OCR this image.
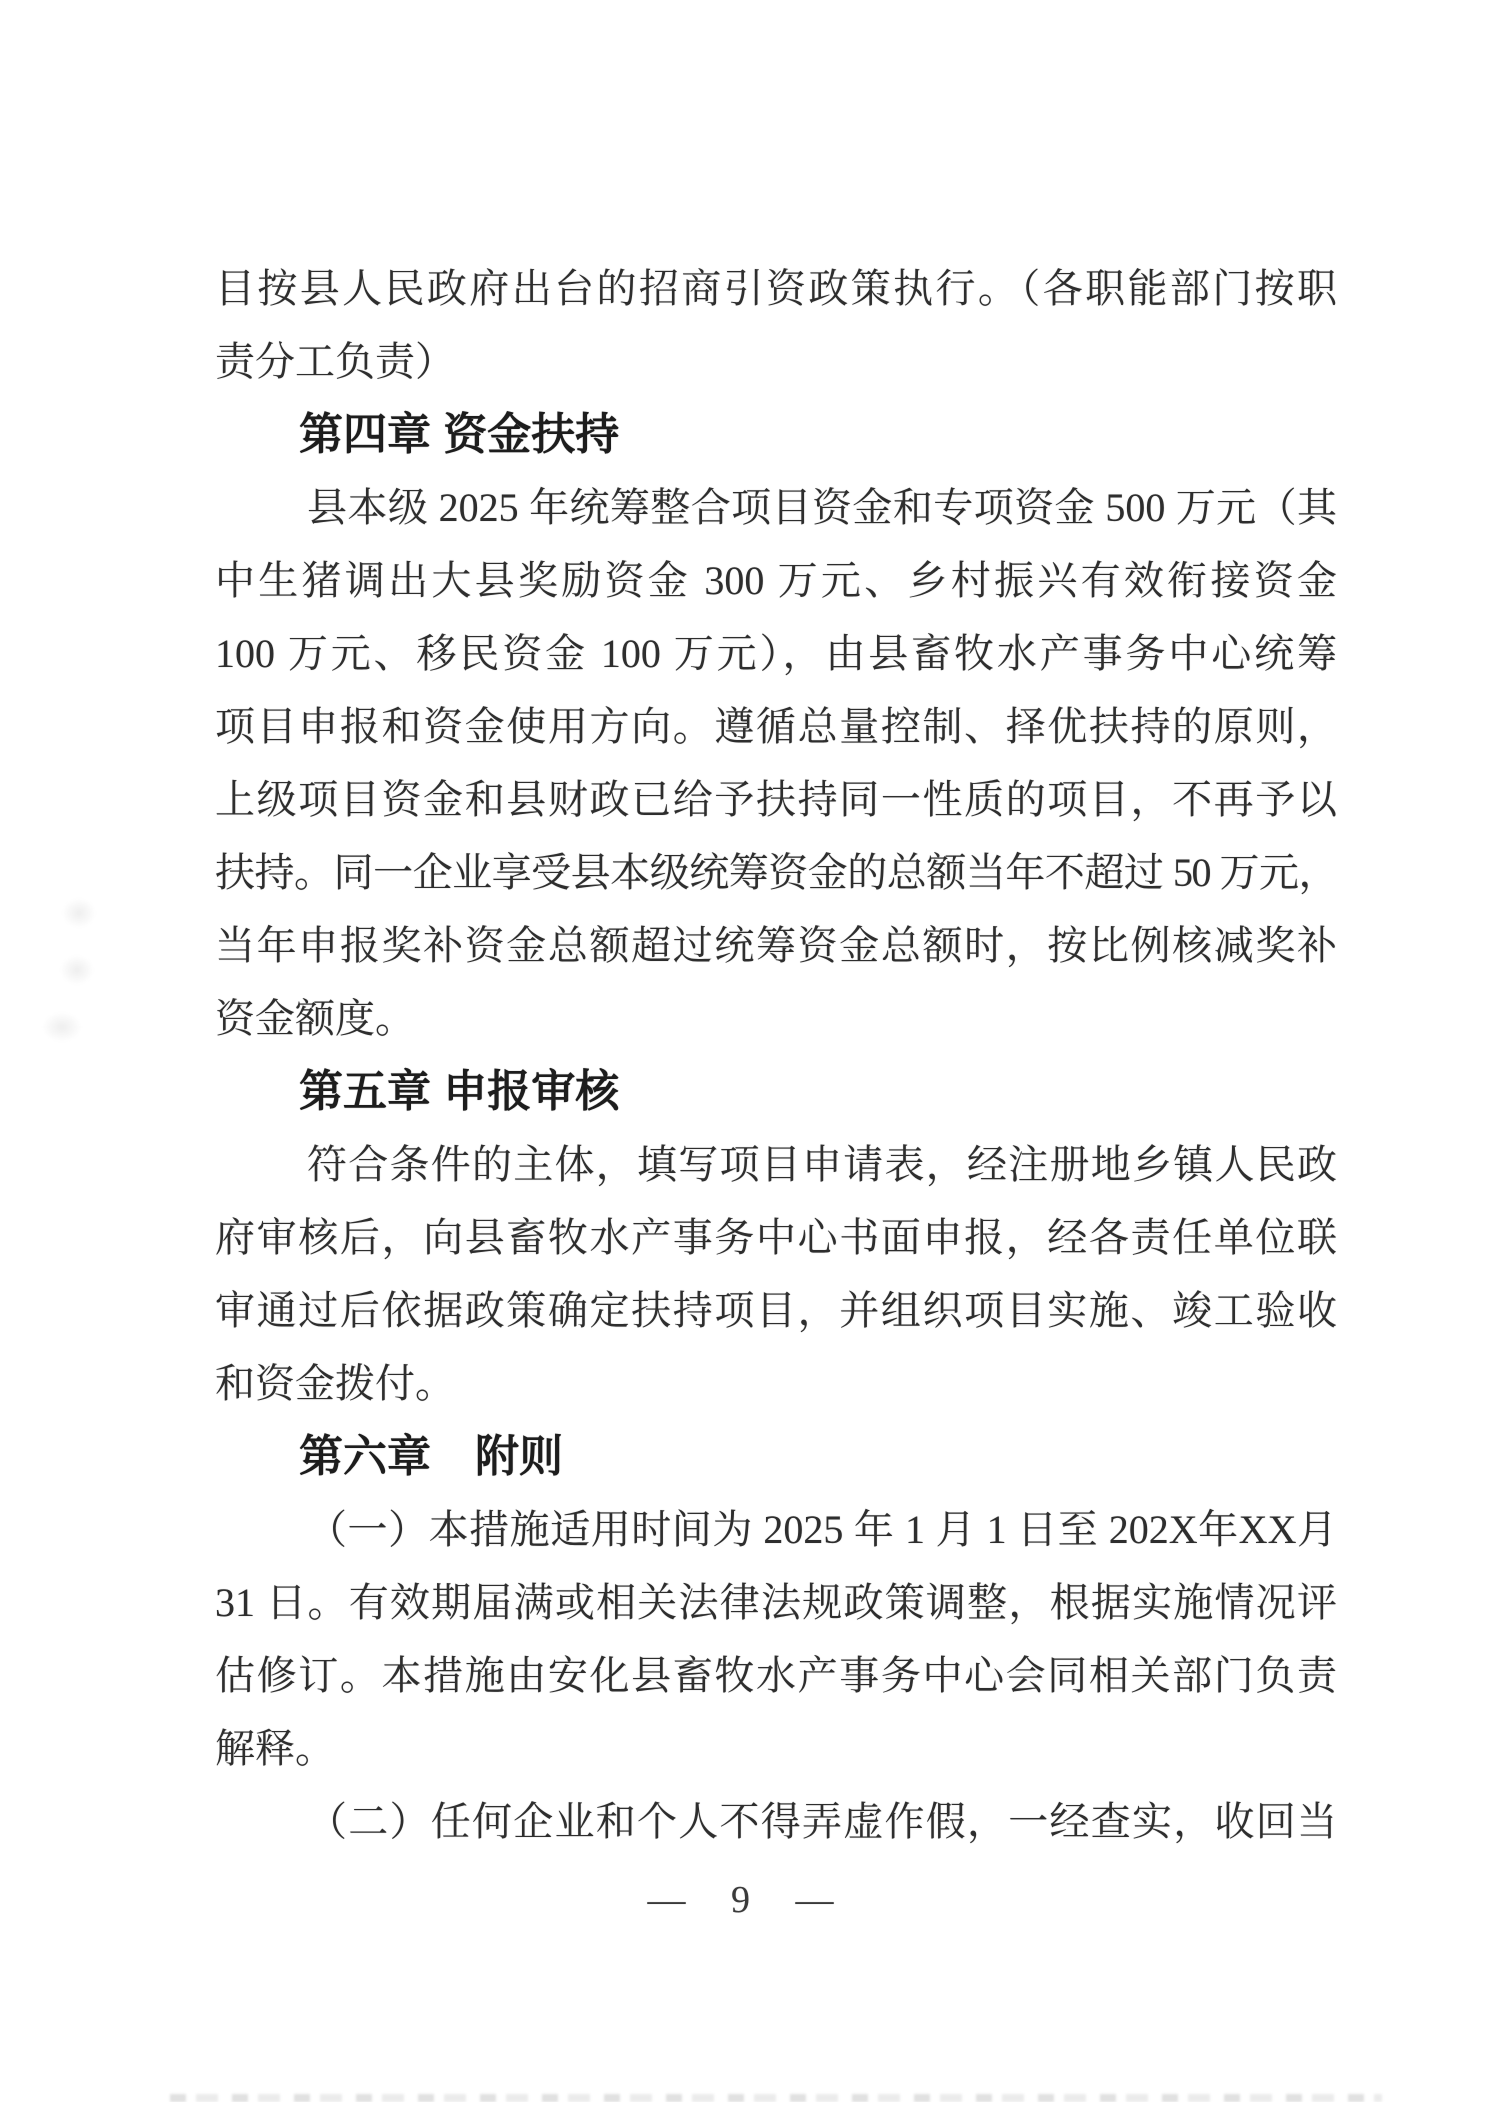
目按县人民政府出台的招商引资政策执行。（各职能部门按职
责分工负责）
第四章 资金扶持
县本级 2025 年统筹整合项目资金和专项资金 500 万元（其
中生猪调出大县奖励资金 300 万元、乡村振兴有效衔接资金
100 万元、移民资金 100 万元），由县畜牧水产事务中心统筹
项目申报和资金使用方向。遵循总量控制、择优扶持的原则，
上级项目资金和县财政已给予扶持同一性质的项目，不再予以
扶持。同一企业享受县本级统筹资金的总额当年不超过 50 万元，
当年申报奖补资金总额超过统筹资金总额时，按比例核减奖补
资金额度。
第五章 申报审核
符合条件的主体，填写项目申请表，经注册地乡镇人民政
府审核后，向县畜牧水产事务中心书面申报，经各责任单位联
审通过后依据政策确定扶持项目，并组织项目实施、竣工验收
和资金拨付。
第六章　附则
（一）本措施适用时间为 2025 年 1 月 1 日至 202X年XX月
31 日。有效期届满或相关法律法规政策调整，根据实施情况评
估修订。本措施由安化县畜牧水产事务中心会同相关部门负责
解释。
（二）任何企业和个人不得弄虚作假，一经查实，收回当
— 9 —
